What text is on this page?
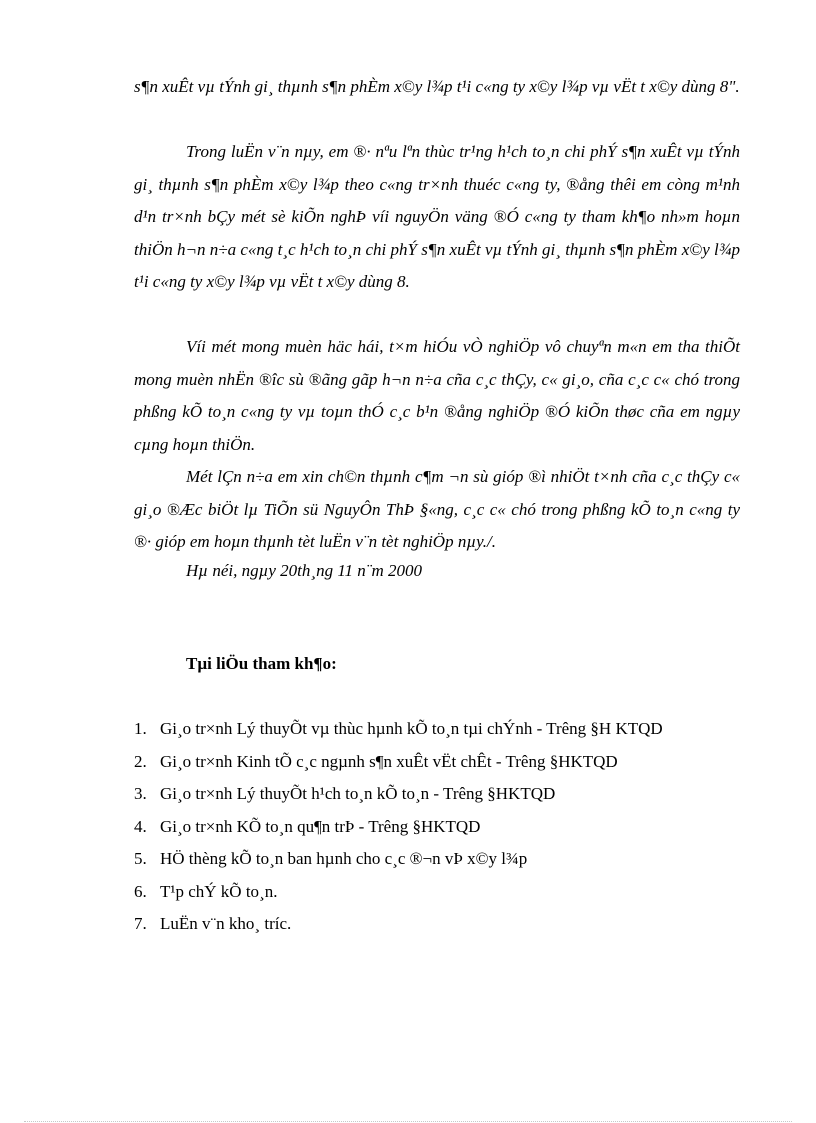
s¶n xuÊt vµ tÝnh gi¸ thµnh s¶n phÈm x©y l¾p t¹i c«ng ty x©y l¾p vµ vËt t x©y dùng 8".

Trong luËn v¨n nµy, em ®· nªu lªn thùc tr¹ng h¹ch to¸n chi phÝ s¶n xuÊt vµ tÝnh gi¸ thµnh s¶n phÈm x©y l¾p theo c«ng tr×nh thuéc c«ng ty, ®ång thêi em còng m¹nh d¹n tr×nh bÇy mét sè kiÕn nghÞ víi nguyÖn väng ®Ó c«ng ty tham kh¶o nh»m hoµn thiÖn h¬n n÷a c«ng t¸c h¹ch to¸n chi phÝ s¶n xuÊt vµ tÝnh gi¸ thµnh s¶n phÈm x©y l¾p t¹i c«ng ty x©y l¾p vµ vËt t x©y dùng 8.

Víi mét mong muèn häc hái, t×m hiÓu vÒ nghiÖp vô chuyªn m«n em tha thiÕt mong muèn nhËn ®îc sù ®ãng gãp h¬n n÷a cña c¸c thÇy, c« gi¸o, cña c¸c c« chó trong phßng kÕ to¸n c«ng ty vµ toµn thÓ c¸c b¹n ®ång nghiÖp ®Ó kiÕn thøc cña em ngµy cµng hoµn thiÖn.

Mét lÇn n÷a em xin ch©n thµnh c¶m ¬n sù gióp ®ì nhiÖt t×nh cña c¸c thÇy c« gi¸o ®Æc biÖt lµ TiÕn sü NguyÔn ThÞ §«ng, c¸c c« chó trong phßng kÕ to¸n c«ng ty ®· gióp em hoµn thµnh tèt luËn v¨n tèt nghiÖp nµy./.

Hµ néi, ngµy 20th¸ng 11 n¨m 2000

Tµi liÖu tham kh¶o:

1. Gi¸o tr×nh Lý thuyÕt vµ thùc hµnh kÕ to¸n tµi chÝnh - Trêng §H KTQD
2. Gi¸o tr×nh Kinh tÕ c¸c ngµnh s¶n xuÊt vËt chÊt - Trêng §HKTQD
3. Gi¸o tr×nh Lý thuyÕt h¹ch to¸n kÕ to¸n - Trêng §HKTQD
4. Gi¸o tr×nh KÕ to¸n qu¶n trÞ - Trêng §HKTQD
5. HÖ thèng kÕ to¸n ban hµnh cho c¸c ®¬n vÞ x©y l¾p
6. T¹p chÝ kÕ to¸n.
7. LuËn v¨n kho¸ tríc.
